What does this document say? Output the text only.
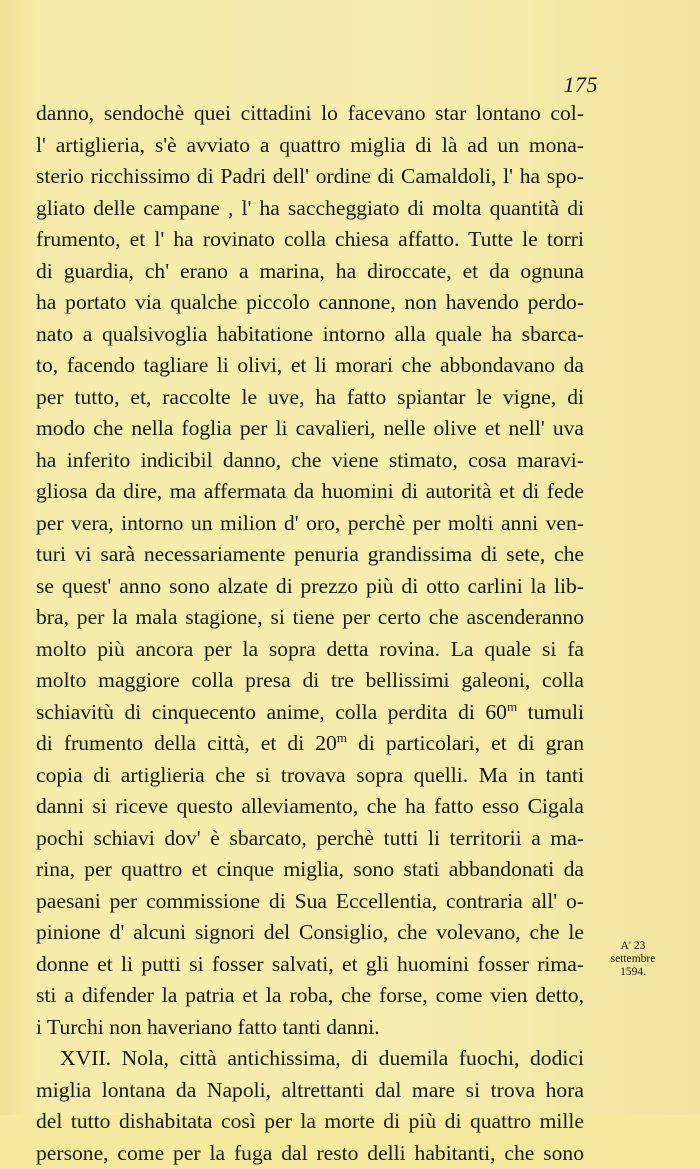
175
danno, sendochè quei cittadini lo facevano star lontano col-
l' artiglieria, s'è avviato a quattro miglia di là ad un mona-
sterio ricchissimo di Padri dell' ordine di Camaldoli, l' ha spo-
gliato delle campane , l' ha saccheggiato di molta quantità di
frumento, et l' ha rovinato colla chiesa affatto. Tutte le torri
di guardia, ch' erano a marina, ha diroccate, et da ognuna
ha portato via qualche piccolo cannone, non havendo perdo-
nato a qualsivoglia habitatione intorno alla quale ha sbarca-
to, facendo tagliare li olivi, et li morari che abbondavano da
per tutto, et, raccolte le uve, ha fatto spiantar le vigne, di
modo che nella foglia per li cavalieri, nelle olive et nell' uva
ha inferito indicibil danno, che viene stimato, cosa maravi-
gliosa da dire, ma affermata da huomini di autorità et di fede
per vera, intorno un milion d' oro, perchè per molti anni ven-
turi vi sarà necessariamente penuria grandissima di sete, che
se quest' anno sono alzate di prezzo più di otto carlini la lib-
bra, per la mala stagione, si tiene per certo che ascenderanno
molto più ancora per la sopra detta rovina. La quale si fa
molto maggiore colla presa di tre bellissimi galeoni, colla
schiavitù di cinquecento anime, colla perdita di 60$^m$ tumuli
di frumento della città, et di 20$^m$ di particolari, et di gran
copia di artiglieria che si trovava sopra quelli. Ma in tanti
danni si riceve questo alleviamento, che ha fatto esso Cigala
pochi schiavi dov' è sbarcato, perchè tutti li territorii a ma-
rina, per quattro et cinque miglia, sono stati abbandonati da
paesani per commissione di Sua Eccellentia, contraria all' o-
pinione d' alcuni signori del Consiglio, che volevano, che le
donne et li putti si fosser salvati, et gli huomini fosser rima-
sti a difender la patria et la roba, che forse, come vien detto,
i Turchi non haveriano fatto tanti danni.
XVII. Nola, città antichissima, di duemila fuochi, dodici
miglia lontana da Napoli, altrettanti dal mare si trova hora
del tutto dishabitata così per la morte di più di quattro mille
persone, come per la fuga dal resto delli habitanti, che sono
A' 23
settembre
1594.
